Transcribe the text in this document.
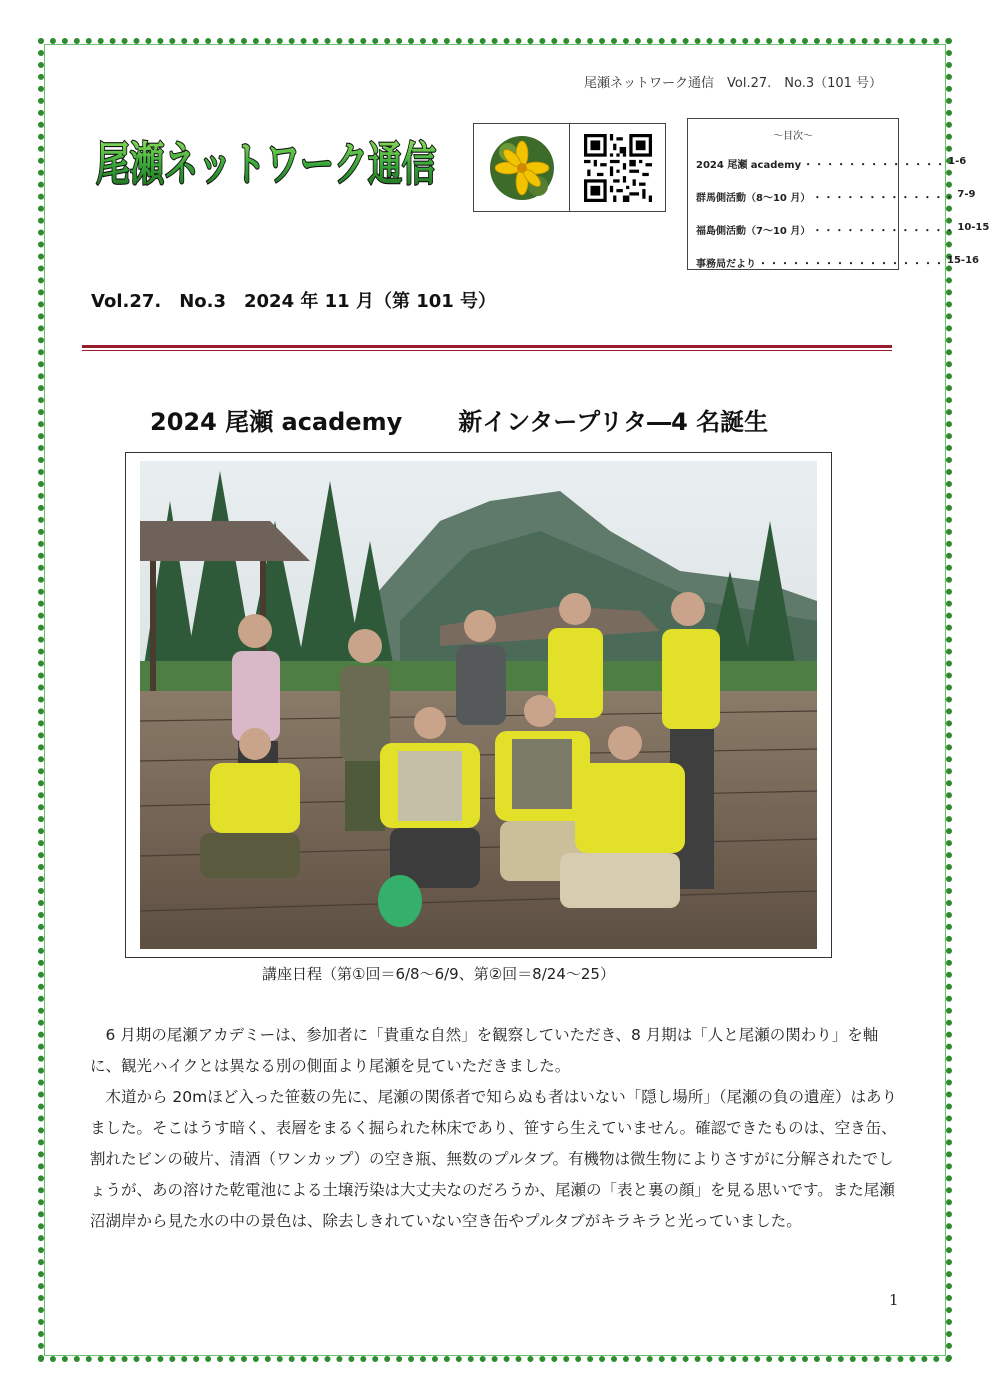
尾瀬ネットワーク通信　Vol.27.　No.3（101 号）
尾瀬ネットワーク通信
～目次～
2024 尾瀬 academy ・・・・・・・・・・・・・ 1-6
群馬側活動（8～10 月） ・・・・・・・・・・・・・ 7-9
福島側活動（7～10 月） ・・・・・・・・・・・・・ 10-15
事務局だより ・・・・・・・・・・・・・・・・・ 15-16
Vol.27.　No.3　2024 年 11 月（第 101 号）
2024 尾瀬 academy 新インタープリタ―4 名誕生
講座日程（第①回＝6/8～6/9、第②回＝8/24～25）

6 月期の尾瀬アカデミーは、参加者に「貴重な自然」を観察していただき、8 月期は「人と尾瀬の関わり」を軸に、観光ハイクとは異なる別の側面より尾瀬を見ていただきました。

木道から 20mほど入った笹薮の先に、尾瀬の関係者で知らぬも者はいない「隠し場所」（尾瀬の負の遺産）はありました。そこはうす暗く、表層をまるく掘られた林床であり、笹すら生えていません。確認できたものは、空き缶、割れたビンの破片、清酒（ワンカップ）の空き瓶、無数のプルタブ。有機物は微生物によりさすがに分解されたでしょうが、あの溶けた乾電池による土壌汚染は大丈夫なのだろうか、尾瀬の「表と裏の顔」を見る思いです。また尾瀬沼湖岸から見た水の中の景色は、除去しきれていない空き缶やプルタブがキラキラと光っていました。

1
